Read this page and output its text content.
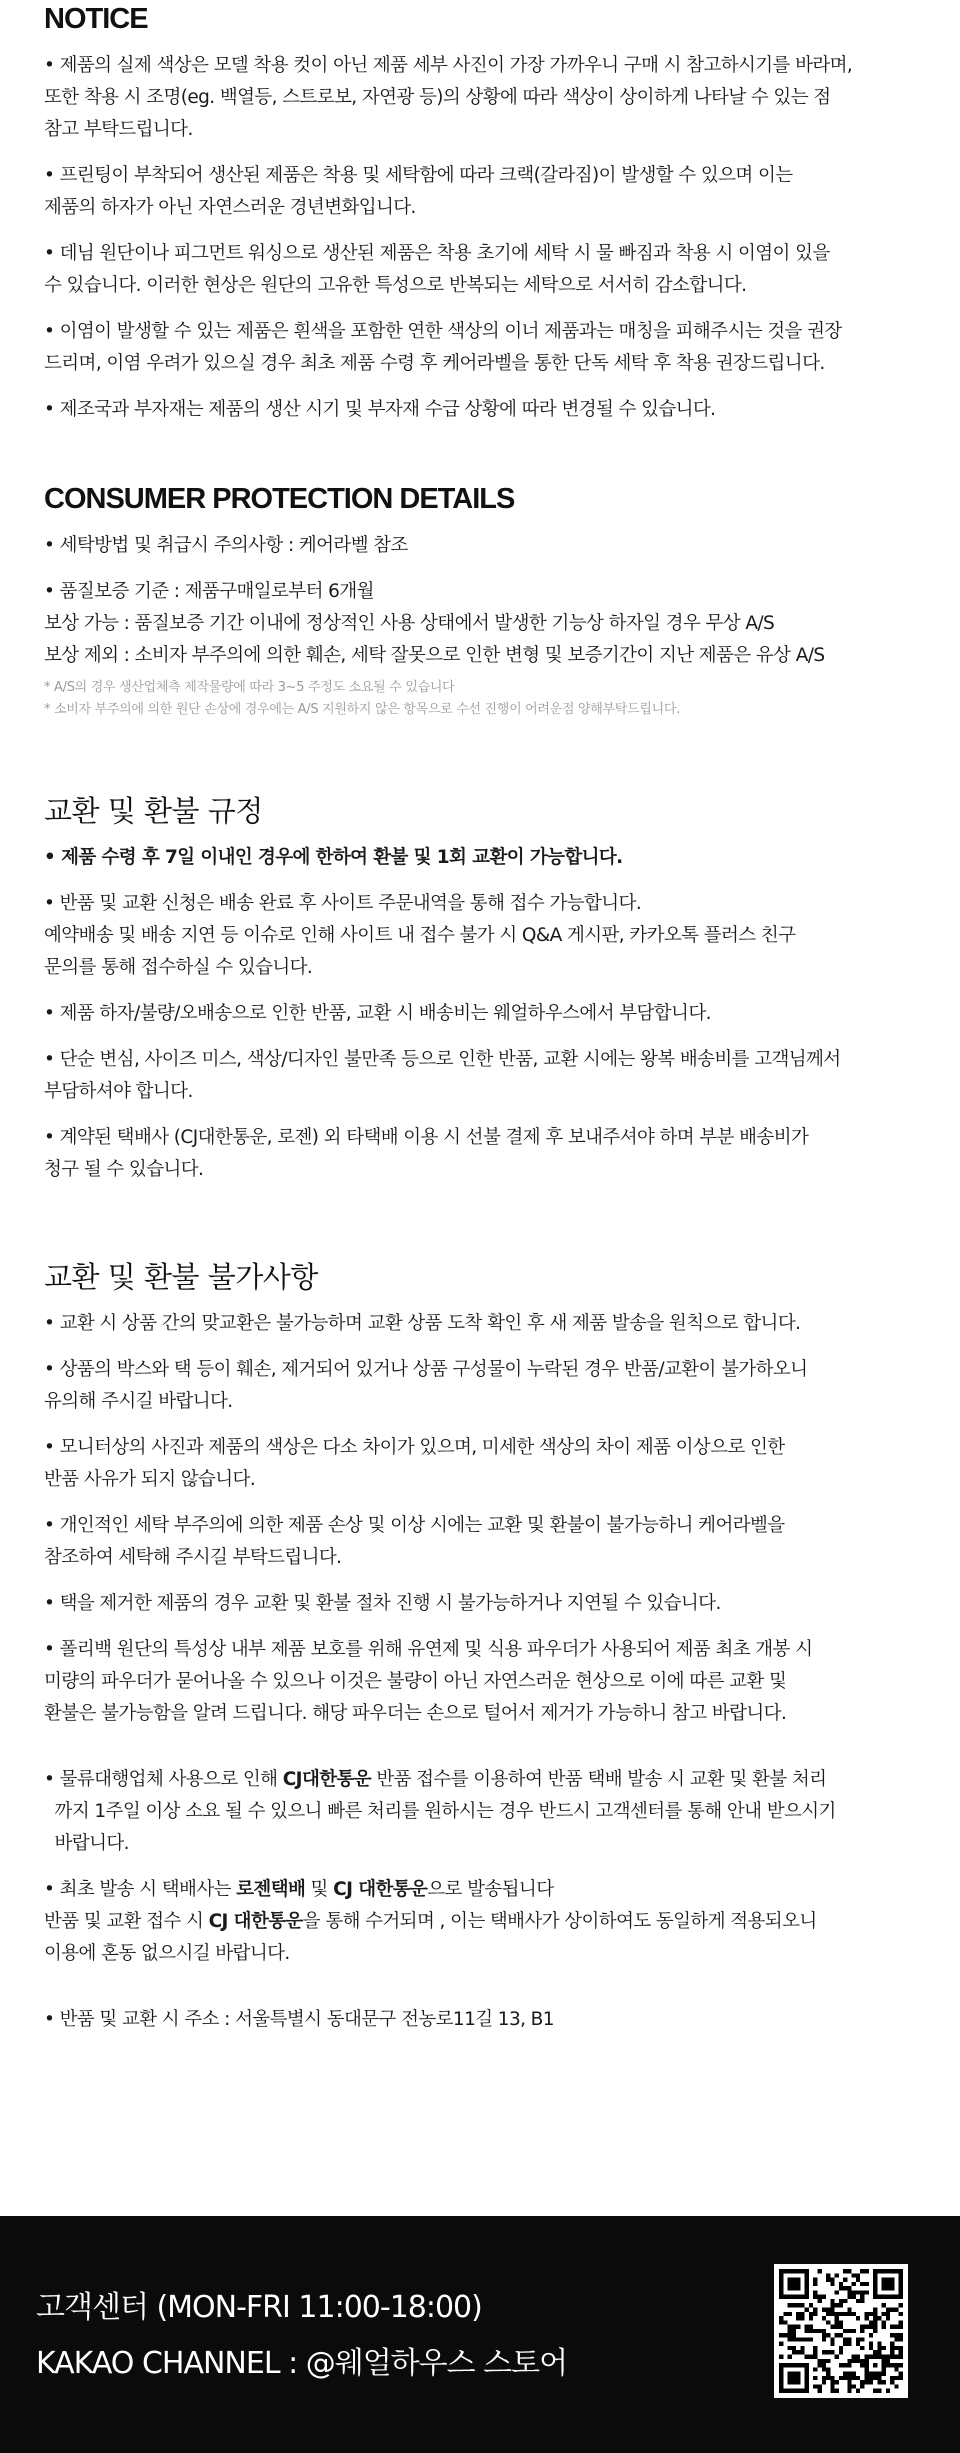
NOTICE
• 제품의 실제 색상은 모델 착용 컷이 아닌 제품 세부 사진이 가장 가까우니 구매 시 참고하시기를 바라며,
또한 착용 시 조명(eg. 백열등, 스트로보, 자연광 등)의 상황에 따라 색상이 상이하게 나타날 수 있는 점
참고 부탁드립니다.
• 프린팅이 부착되어 생산된 제품은 착용 및 세탁함에 따라 크랙(갈라짐)이 발생할 수 있으며 이는
제품의 하자가 아닌 자연스러운 경년변화입니다.
• 데님 원단이나 피그먼트 워싱으로 생산된 제품은 착용 초기에 세탁 시 물 빠짐과 착용 시 이염이 있을
수 있습니다. 이러한 현상은 원단의 고유한 특성으로 반복되는 세탁으로 서서히 감소합니다.
• 이염이 발생할 수 있는 제품은 흰색을 포함한 연한 색상의 이너 제품과는 매칭을 피해주시는 것을 권장
드리며, 이염 우려가 있으실 경우 최초 제품 수령 후 케어라벨을 통한 단독 세탁 후 착용 권장드립니다.
• 제조국과 부자재는 제품의 생산 시기 및 부자재 수급 상황에 따라 변경될 수 있습니다.
CONSUMER PROTECTION DETAILS
• 세탁방법 및 취급시 주의사항 : 케어라벨 참조
• 품질보증 기준 : 제품구매일로부터 6개월
보상 가능 : 품질보증 기간 이내에 정상적인 사용 상태에서 발생한 기능상 하자일 경우 무상 A/S
보상 제외 : 소비자 부주의에 의한 훼손, 세탁 잘못으로 인한 변형 및 보증기간이 지난 제품은 유상 A/S
* A/S의 경우 생산업체측 제작물량에 따라 3~5 주정도 소요될 수 있습니다
* 소비자 부주의에 의한 원단 손상에 경우에는 A/S 지원하지 않은 항목으로 수선 진행이 어려운점 양해부탁드립니다.
교환 및 환불 규정
• 제품 수령 후 7일 이내인 경우에 한하여 환불 및 1회 교환이 가능합니다.
• 반품 및 교환 신청은 배송 완료 후 사이트 주문내역을 통해 접수 가능합니다.
예약배송 및 배송 지연 등 이슈로 인해 사이트 내 접수 불가 시 Q&A 게시판, 카카오톡 플러스 친구
문의를 통해 접수하실 수 있습니다.
• 제품 하자/불량/오배송으로 인한 반품, 교환 시 배송비는 웨얼하우스에서 부담합니다.
• 단순 변심, 사이즈 미스, 색상/디자인 불만족 등으로 인한 반품, 교환 시에는 왕복 배송비를 고객님께서
부담하셔야 합니다.
• 계약된 택배사 (CJ대한통운, 로젠) 외 타택배 이용 시 선불 결제 후 보내주셔야 하며 부분 배송비가
청구 될 수 있습니다.
교환 및 환불 불가사항
• 교환 시 상품 간의 맞교환은 불가능하며 교환 상품 도착 확인 후 새 제품 발송을 원칙으로 합니다.
• 상품의 박스와 택 등이 훼손, 제거되어 있거나 상품 구성물이 누락된 경우 반품/교환이 불가하오니
유의해 주시길 바랍니다.
• 모니터상의 사진과 제품의 색상은 다소 차이가 있으며, 미세한 색상의 차이 제품 이상으로 인한
반품 사유가 되지 않습니다.
• 개인적인 세탁 부주의에 의한 제품 손상 및 이상 시에는 교환 및 환불이 불가능하니 케어라벨을
참조하여 세탁해 주시길 부탁드립니다.
• 택을 제거한 제품의 경우 교환 및 환불 절차 진행 시 불가능하거나 지연될 수 있습니다.
• 폴리백 원단의 특성상 내부 제품 보호를 위해 유연제 및 식용 파우더가 사용되어 제품 최초 개봉 시
미량의 파우더가 묻어나올 수 있으나 이것은 불량이 아닌 자연스러운 현상으로 이에 따른 교환 및
환불은 불가능함을 알려 드립니다. 해당 파우더는 손으로 털어서 제거가 가능하니 참고 바랍니다.
• 물류대행업체 사용으로 인해 CJ대한통운 반품 접수를 이용하여 반품 택배 발송 시 교환 및 환불 처리
까지 1주일 이상 소요 될 수 있으니 빠른 처리를 원하시는 경우 반드시 고객센터를 통해 안내 받으시기
바랍니다.
• 최초 발송 시 택배사는 로젠택배 및 CJ 대한통운으로 발송됩니다
반품 및 교환 접수 시 CJ 대한통운을 통해 수거되며 , 이는 택배사가 상이하여도 동일하게 적용되오니
이용에 혼동 없으시길 바랍니다.
• 반품 및 교환 시 주소 : 서울특별시 동대문구 전농로11길 13, B1
고객센터 (MON-FRI 11:00-18:00)
KAKAO CHANNEL : @웨얼하우스 스토어
